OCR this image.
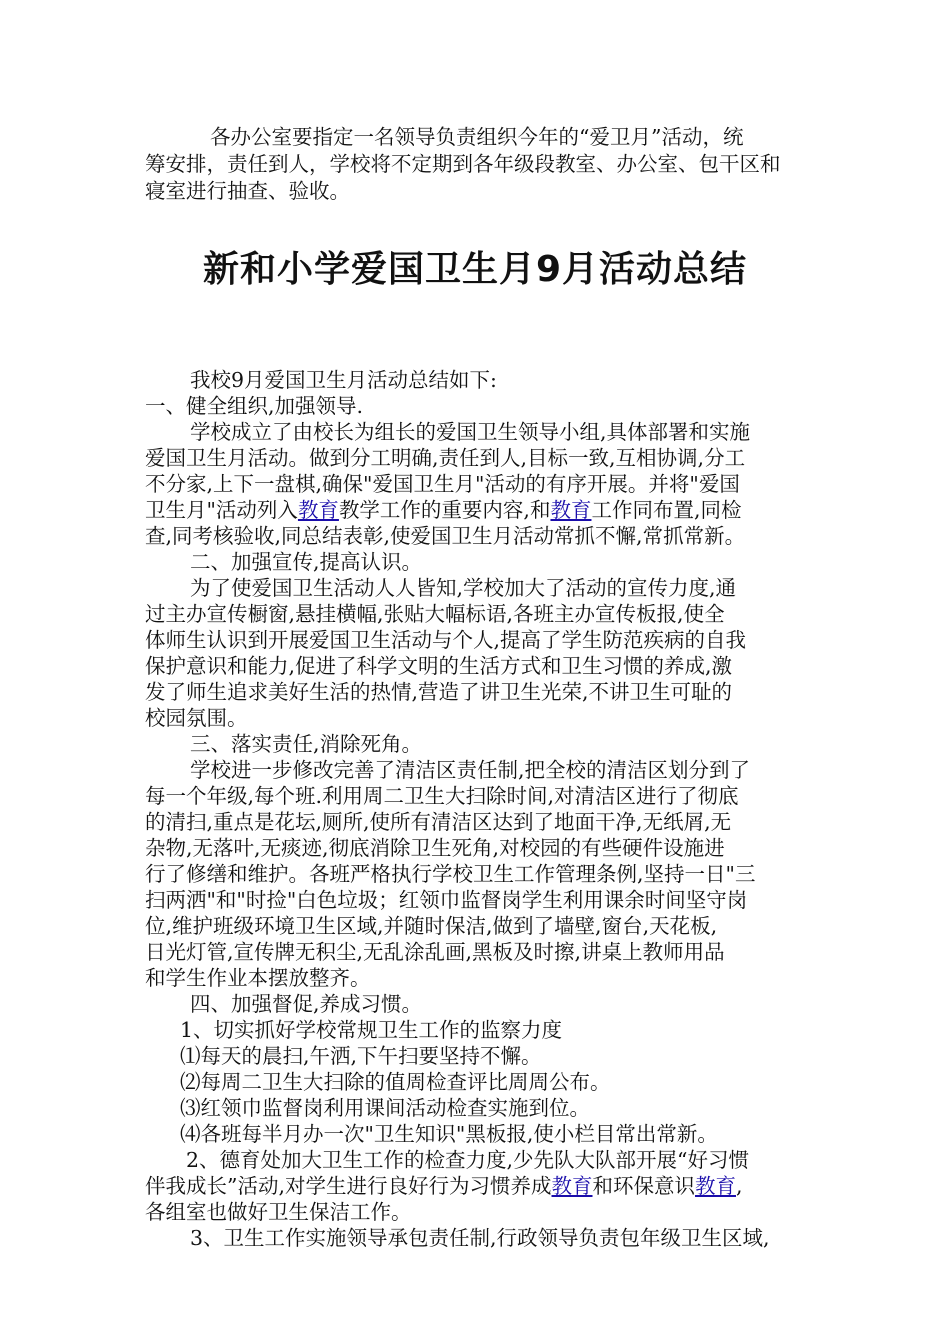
各办公室要指定一名领导负责组织今年的“爱卫月”活动，统
筹安排，责任到人，学校将不定期到各年级段教室、办公室、包干区和
寝室进行抽查、验收。
新和小学爱国卫生月9月活动总结
我校9月爱国卫生月活动总结如下:
一、健全组织,加强领导.
学校成立了由校长为组长的爱国卫生领导小组,具体部署和实施
爱国卫生月活动。做到分工明确,责任到人,目标一致,互相协调,分工
不分家,上下一盘棋,确保"爱国卫生月"活动的有序开展。并将"爱国
卫生月"活动列入教育教学工作的重要内容,和教育工作同布置,同检
查,同考核验收,同总结表彰,使爱国卫生月活动常抓不懈,常抓常新。
二、加强宣传,提高认识。
为了使爱国卫生活动人人皆知,学校加大了活动的宣传力度,通
过主办宣传橱窗,悬挂横幅,张贴大幅标语,各班主办宣传板报,使全
体师生认识到开展爱国卫生活动与个人,提高了学生防范疾病的自我
保护意识和能力,促进了科学文明的生活方式和卫生习惯的养成,激
发了师生追求美好生活的热情,营造了讲卫生光荣,不讲卫生可耻的
校园氛围。
三、落实责任,消除死角。
学校进一步修改完善了清洁区责任制,把全校的清洁区划分到了
每一个年级,每个班.利用周二卫生大扫除时间,对清洁区进行了彻底
的清扫,重点是花坛,厕所,使所有清洁区达到了地面干净,无纸屑,无
杂物,无落叶,无痰迹,彻底消除卫生死角,对校园的有些硬件设施进
行了修缮和维护。各班严格执行学校卫生工作管理条例,坚持一日"三
扫两洒"和"时捡"白色垃圾；红领巾监督岗学生利用课余时间坚守岗
位,维护班级环境卫生区域,并随时保洁,做到了墙壁,窗台,天花板,
日光灯管,宣传牌无积尘,无乱涂乱画,黑板及时擦,讲桌上教师用品
和学生作业本摆放整齐。
四、加强督促,养成习惯。
1、切实抓好学校常规卫生工作的监察力度
⑴每天的晨扫,午洒,下午扫要坚持不懈。
⑵每周二卫生大扫除的值周检查评比周周公布。
⑶红领巾监督岗利用课间活动检查实施到位。
⑷各班每半月办一次"卫生知识"黑板报,使小栏目常出常新。
2、德育处加大卫生工作的检查力度,少先队大队部开展“好习惯
伴我成长”活动,对学生进行良好行为习惯养成教育和环保意识教育,
各组室也做好卫生保洁工作。
3、卫生工作实施领导承包责任制,行政领导负责包年级卫生区域,
